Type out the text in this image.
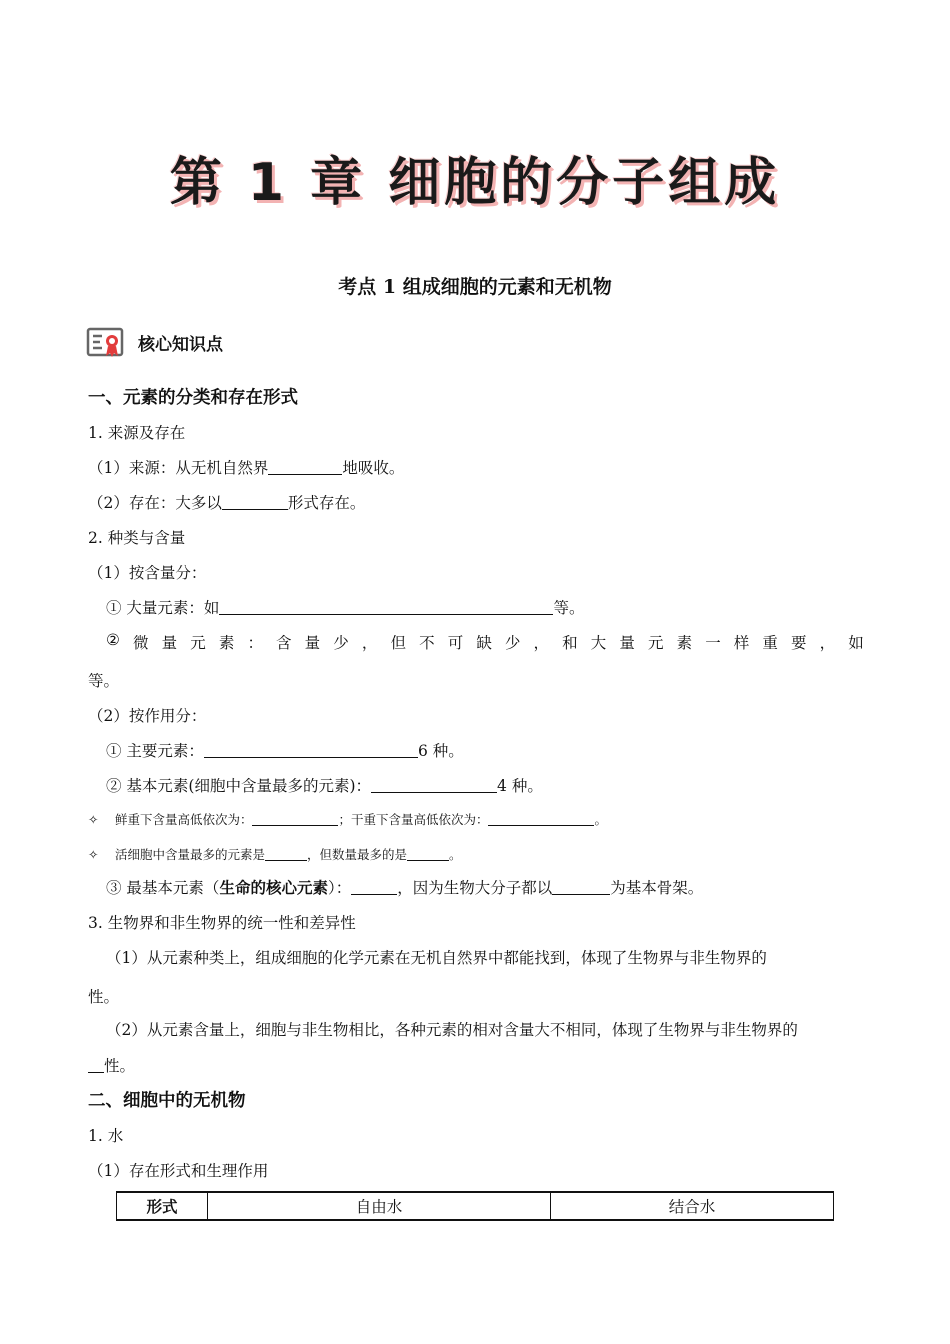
第 1 章 细胞的分子组成
考点 1 组成细胞的元素和无机物
核心知识点
一、元素的分类和存在形式
1. 来源及存在
（1）来源：从无机自然界	地吸收。
（2）存在：大多以	形式存在。
2. 种类与含量
（1）按含量分：
① 大量元素：如	等。
② 微 量 元 素 ： 含 量 少 ， 但 不 可 缺 少 ， 和 大 量 元 素 一 样 重 要 ， 如
等。
（2）按作用分：
① 主要元素：	6 种。
② 基本元素(细胞中含量最多的元素)：	4 种。
✧　 鲜重下含量高低依次为：	；干重下含量高低依次为：	。
✧　 活细胞中含量最多的元素是	，但数量最多的是	。
③ 最基本元素（生命的核心元素）：	，因为生物大分子都以	为基本骨架。
3. 生物界和非生物界的统一性和差异性
（1）从元素种类上，组成细胞的化学元素在无机自然界中都能找到，体现了生物界与非生物界的
性。
（2）从元素含量上，细胞与非生物相比，各种元素的相对含量大不相同，体现了生物界与非生物界的
性。
二、细胞中的无机物
1. 水
（1）存在形式和生理作用
形式	自由水	结合水
